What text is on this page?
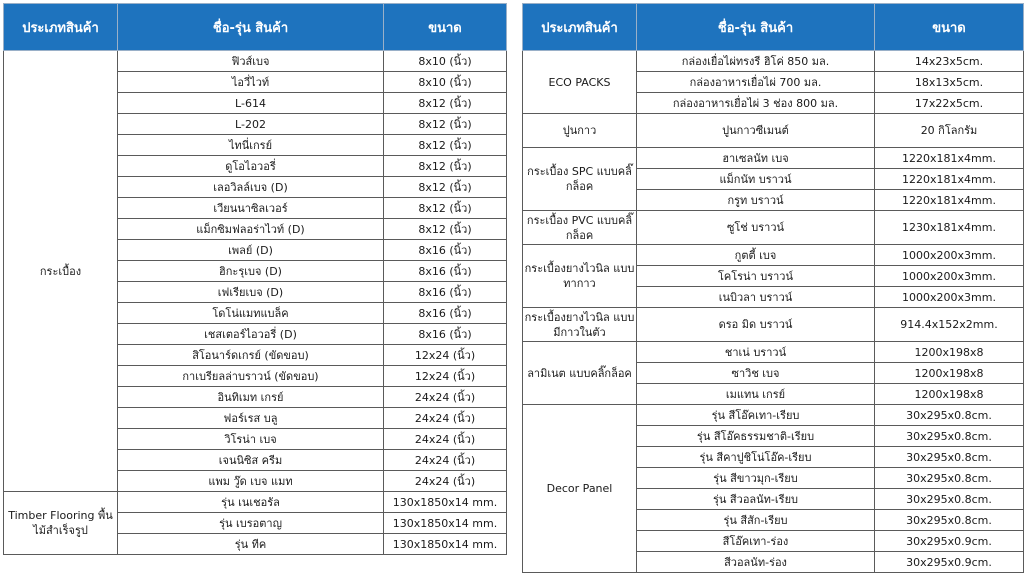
ประเภทสินค้า	ชื่อ-รุ่น สินค้า	ขนาด
กระเบื้อง	ฟิวส์เบจ	8x10 (นิ้ว)
	ไอวี่ไวท์	8x10 (นิ้ว)
	L-614	8x12 (นิ้ว)
	L-202	8x12 (นิ้ว)
	ไทนี่เกรย์	8x12 (นิ้ว)
	ดูโอไอวอรี่	8x12 (นิ้ว)
	เลอวิลล์เบจ (D)	8x12 (นิ้ว)
	เวียนนาซิลเวอร์	8x12 (นิ้ว)
	แม็กซิมฟลอร่าไวท์ (D)	8x12 (นิ้ว)
	เพลย์ (D)	8x16 (นิ้ว)
	ฮิกะรุเบจ (D)	8x16 (นิ้ว)
	เฟเรียเบจ (D)	8x16 (นิ้ว)
	โดโน่แมทแบล็ค	8x16 (นิ้ว)
	เชสเตอร์ไอวอรี่ (D)	8x16 (นิ้ว)
	สิโอนาร์ดเกรย์ (ขัดขอบ)	12x24 (นิ้ว)
	กาเบรียลล่าบราวน์ (ขัดขอบ)	12x24 (นิ้ว)
	อินทิเมท เกรย์	24x24 (นิ้ว)
	ฟอร์เรส บลู	24x24 (นิ้ว)
	วิโรน่า เบจ	24x24 (นิ้ว)
	เจนนิซิส ครีม	24x24 (นิ้ว)
	แพม วู๊ด เบจ แมท	24x24 (นิ้ว)
Timber Flooring พื้นไม้สำเร็จรูป	รุ่น เนเชอรัล	130x1850x14 mm.
	รุ่น เบรอตาญ	130x1850x14 mm.
	รุ่น ทีค	130x1850x14 mm.
ประเภทสินค้า	ชื่อ-รุ่น สินค้า	ขนาด
ECO PACKS	กล่องเยื่อไผ่ทรงรี ฮิโค่ 850 มล.	14x23x5cm.
	กล่องอาหารเยื่อไผ่ 700 มล.	18x13x5cm.
	กล่องอาหารเยื่อไผ่ 3 ช่อง 800 มล.	17x22x5cm.
ปูนกาว	ปูนกาวซีเมนต์	20 กิโลกรัม
กระเบื้อง SPC แบบคลิ๊กล็อค	ฮาเซลนัท เบจ	1220x181x4mm.
	แม็กนัท บราวน์	1220x181x4mm.
	กรูท บราวน์	1220x181x4mm.
กระเบื้อง PVC แบบคลิ๊กล็อค	ซูโช่ บราวน์	1230x181x4mm.
กระเบื้องยางไวนิล แบบทากาว	กูตตี้ เบจ	1000x200x3mm.
	โคโรน่า บราวน์	1000x200x3mm.
	เนบิวลา บราวน์	1000x200x3mm.
กระเบื้องยางไวนิล แบบมีกาวในตัว	ดรอ มิด บราวน์	914.4x152x2mm.
ลามิเนต แบบคลิ๊กล็อค	ชาเน่ บราวน์	1200x198x8
	ซาวิช เบจ	1200x198x8
	เมแทน เกรย์	1200x198x8
Decor Panel	รุ่น สีโอ๊คเทา-เรียบ	30x295x0.8cm.
	รุ่น สีโอ๊คธรรมชาติ-เรียบ	30x295x0.8cm.
	รุ่น สีคาปูชิโน่โอ๊ค-เรียบ	30x295x0.8cm.
	รุ่น สีขาวมุก-เรียบ	30x295x0.8cm.
	รุ่น สีวอลนัท-เรียบ	30x295x0.8cm.
	รุ่น สีสัก-เรียบ	30x295x0.8cm.
	สีโอ๊คเทา-ร่อง	30x295x0.9cm.
	สีวอลนัท-ร่อง	30x295x0.9cm.
